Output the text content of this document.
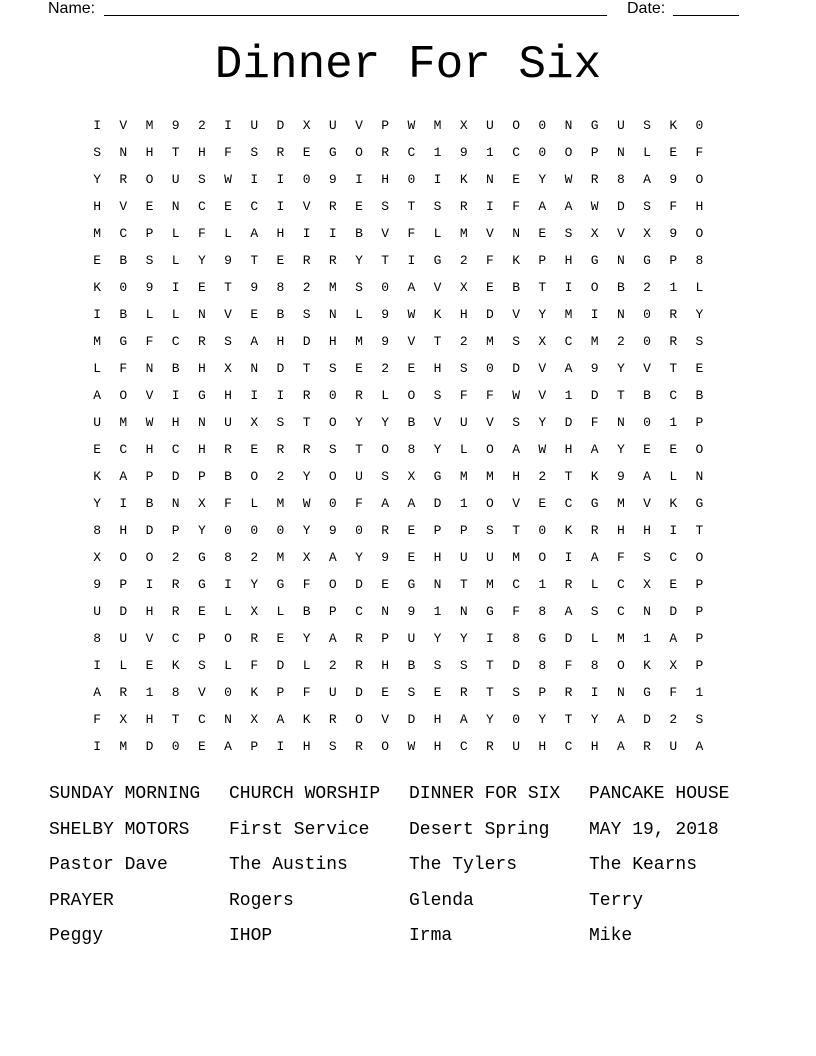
Name:	Date:
Dinner For Six
I	V	M	9	2	I	U	D	X	U	V	P	W	M	X	U	O	0	N	G	U	S	K	0
S	N	H	T	H	F	S	R	E	G	O	R	C	1	9	1	C	0	O	P	N	L	E	F
Y	R	O	U	S	W	I	I	0	9	I	H	0	I	K	N	E	Y	W	R	8	A	9	O
H	V	E	N	C	E	C	I	V	R	E	S	T	S	R	I	F	A	A	W	D	S	F	H
M	C	P	L	F	L	A	H	I	I	B	V	F	L	M	V	N	E	S	X	V	X	9	O
E	B	S	L	Y	9	T	E	R	R	Y	T	I	G	2	F	K	P	H	G	N	G	P	8
K	0	9	I	E	T	9	8	2	M	S	0	A	V	X	E	B	T	I	O	B	2	1	L
I	B	L	L	N	V	E	B	S	N	L	9	W	K	H	D	V	Y	M	I	N	0	R	Y
M	G	F	C	R	S	A	H	D	H	M	9	V	T	2	M	S	X	C	M	2	0	R	S
L	F	N	B	H	X	N	D	T	S	E	2	E	H	S	0	D	V	A	9	Y	V	T	E
A	O	V	I	G	H	I	I	R	0	R	L	O	S	F	F	W	V	1	D	T	B	C	B
U	M	W	H	N	U	X	S	T	O	Y	Y	B	V	U	V	S	Y	D	F	N	0	1	P
E	C	H	C	H	R	E	R	R	S	T	O	8	Y	L	O	A	W	H	A	Y	E	E	O
K	A	P	D	P	B	O	2	Y	O	U	S	X	G	M	M	H	2	T	K	9	A	L	N
Y	I	B	N	X	F	L	M	W	0	F	A	A	D	1	O	V	E	C	G	M	V	K	G
8	H	D	P	Y	0	0	0	Y	9	0	R	E	P	P	S	T	0	K	R	H	H	I	T
X	O	O	2	G	8	2	M	X	A	Y	9	E	H	U	U	M	O	I	A	F	S	C	O
9	P	I	R	G	I	Y	G	F	O	D	E	G	N	T	M	C	1	R	L	C	X	E	P
U	D	H	R	E	L	X	L	B	P	C	N	9	1	N	G	F	8	A	S	C	N	D	P
8	U	V	C	P	O	R	E	Y	A	R	P	U	Y	Y	I	8	G	D	L	M	1	A	P
I	L	E	K	S	L	F	D	L	2	R	H	B	S	S	T	D	8	F	8	O	K	X	P
A	R	1	8	V	0	K	P	F	U	D	E	S	E	R	T	S	P	R	I	N	G	F	1
F	X	H	T	C	N	X	A	K	R	O	V	D	H	A	Y	0	Y	T	Y	A	D	2	S
I	M	D	0	E	A	P	I	H	S	R	O	W	H	C	R	U	H	C	H	A	R	U	A
SUNDAY MORNING	CHURCH WORSHIP	DINNER FOR SIX	PANCAKE HOUSE
SHELBY MOTORS	First Service	Desert Spring	MAY 19, 2018
Pastor Dave	The Austins	The Tylers	The Kearns
PRAYER	Rogers	Glenda	Terry
Peggy	IHOP	Irma	Mike
